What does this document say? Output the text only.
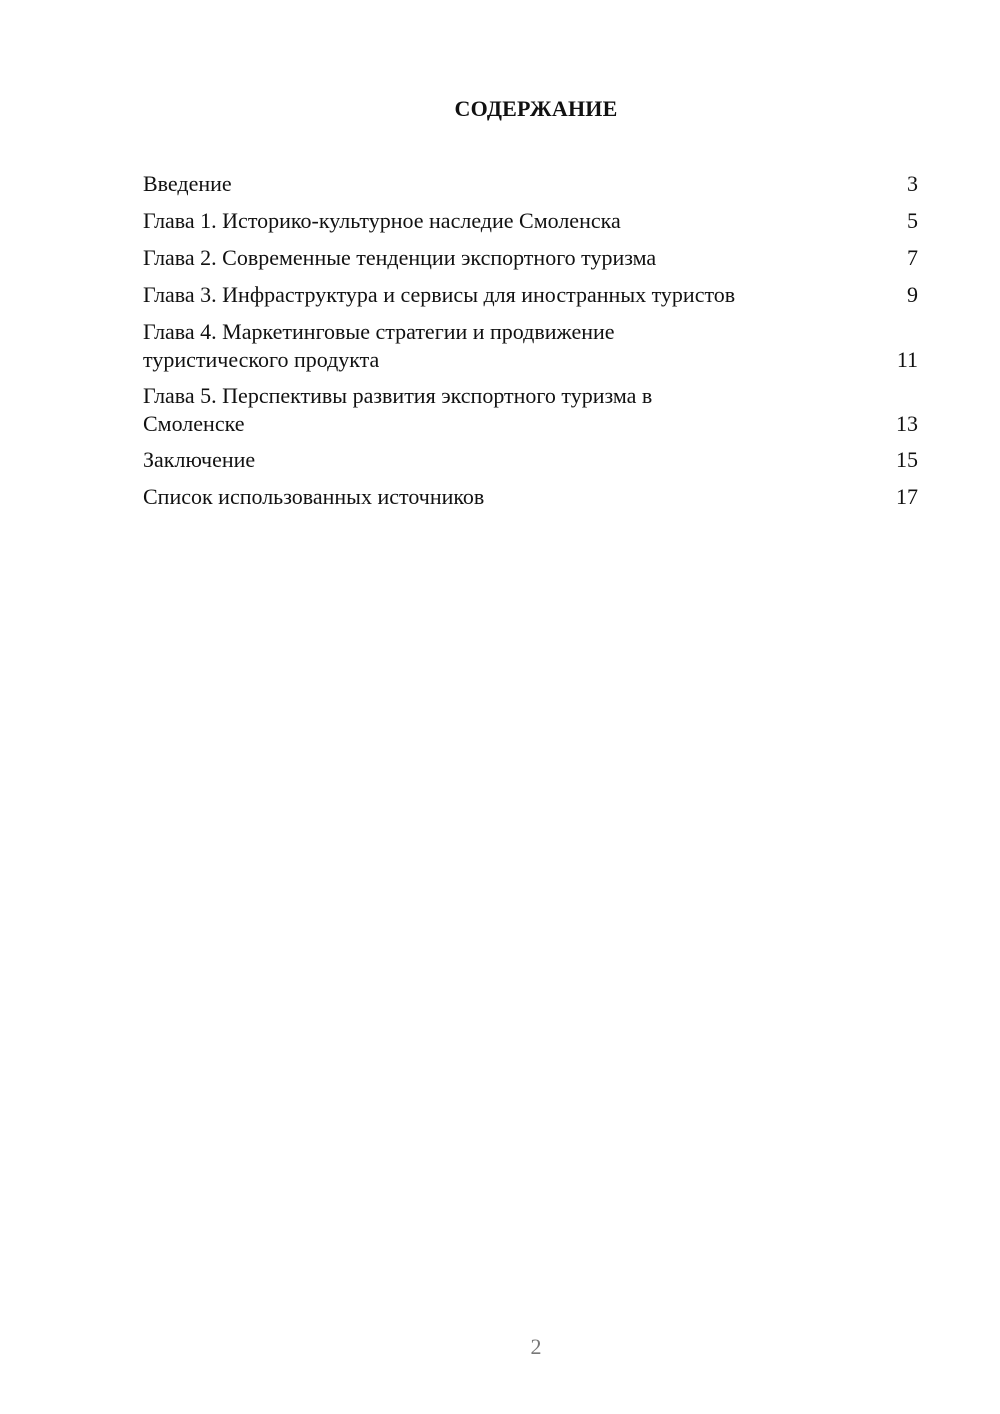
СОДЕРЖАНИЕ
Введение	3
Глава 1. Историко-культурное наследие Смоленска	5
Глава 2. Современные тенденции экспортного туризма	7
Глава 3. Инфраструктура и сервисы для иностранных туристов	9
Глава 4. Маркетинговые стратегии и продвижение
туристического продукта	11
Глава 5. Перспективы развития экспортного туризма в
Смоленске	13
Заключение	15
Список использованных источников	17
2
